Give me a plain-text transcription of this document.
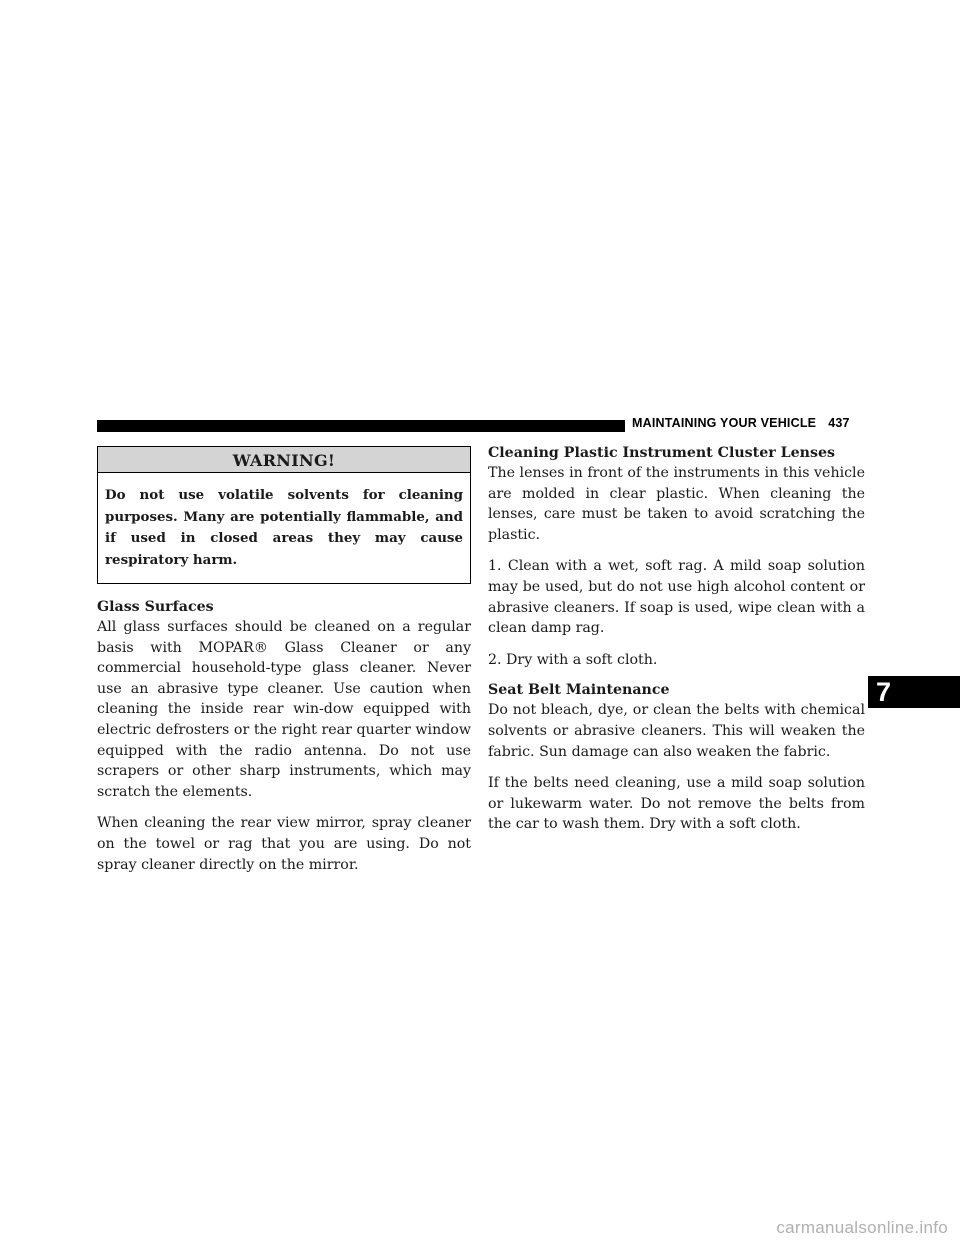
MAINTAINING YOUR VEHICLE 437
WARNING!
Do not use volatile solvents for cleaning purposes. Many are potentially flammable, and if used in closed areas they may cause respiratory harm.

Glass Surfaces

All glass surfaces should be cleaned on a regular basis with MOPAR® Glass Cleaner or any commercial household-type glass cleaner. Never use an abrasive type cleaner. Use caution when cleaning the inside rear win-dow equipped with electric defrosters or the right rear quarter window equipped with the radio antenna. Do not use scrapers or other sharp instruments, which may scratch the elements.

When cleaning the rear view mirror, spray cleaner on the towel or rag that you are using. Do not spray cleaner directly on the mirror.

Cleaning Plastic Instrument Cluster Lenses

The lenses in front of the instruments in this vehicle are molded in clear plastic. When cleaning the lenses, care must be taken to avoid scratching the plastic.

1. Clean with a wet, soft rag. A mild soap solution may be used, but do not use high alcohol content or abrasive cleaners. If soap is used, wipe clean with a clean damp rag.

2. Dry with a soft cloth.

Seat Belt Maintenance

Do not bleach, dye, or clean the belts with chemical solvents or abrasive cleaners. This will weaken the fabric. Sun damage can also weaken the fabric.

If the belts need cleaning, use a mild soap solution or lukewarm water. Do not remove the belts from the car to wash them. Dry with a soft cloth.

7
carmanualsonline.info
